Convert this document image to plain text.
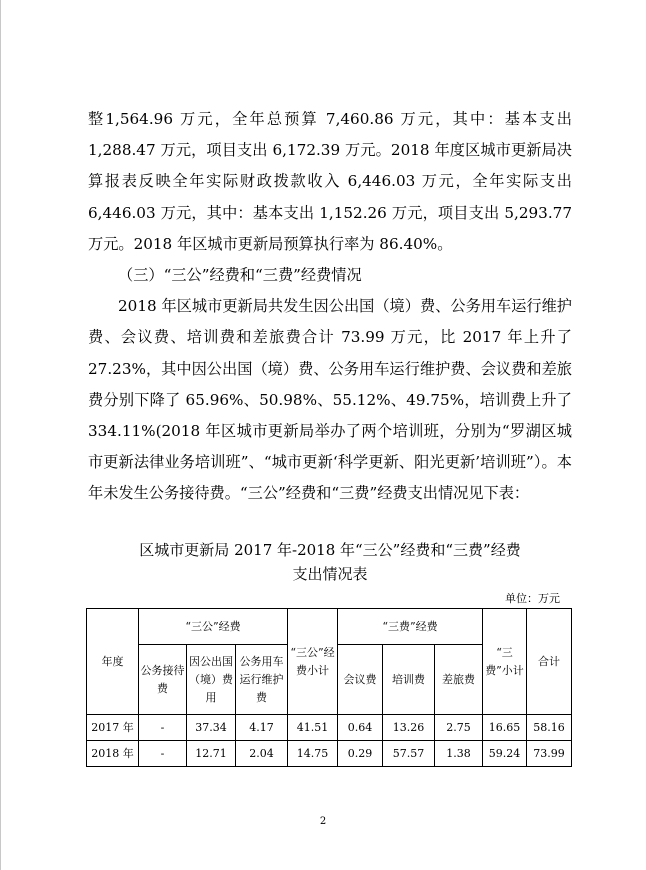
整1,564.96 万元，全年总预算 7,460.86 万元，其中：基本支出 1,288.47 万元，项目支出 6,172.39 万元。2018 年度区城市更新局决算报表反映全年实际财政拨款收入 6,446.03 万元，全年实际支出 6,446.03 万元，其中：基本支出 1,152.26 万元，项目支出 5,293.77 万元。2018 年区城市更新局预算执行率为 86.40%。

（三）“三公”经费和“三费”经费情况

2018 年区城市更新局共发生因公出国（境）费、公务用车运行维护费、会议费、培训费和差旅费合计 73.99 万元，比 2017 年上升了 27.23%，其中因公出国（境）费、公务用车运行维护费、会议费和差旅费分别下降了 65.96%、50.98%、55.12%、49.75%，培训费上升了 334.11%(2018 年区城市更新局举办了两个培训班，分别为“罗湖区城市更新法律业务培训班”、“城市更新‘科学更新、阳光更新’培训班”）。本年未发生公务接待费。“三公”经费和“三费”经费支出情况见下表：

区城市更新局 2017 年-2018 年“三公”经费和“三费”经费
支出情况表
单位：万元
年度	“三公”经费			“三公”经费小计	“三费”经费			“三费”小计	合计
	公务接待费	因公出国（境）费用	公务用车运行维护费		会议费	培训费	差旅费		
2017 年	-	37.34	4.17	41.51	0.64	13.26	2.75	16.65	58.16
2018 年	-	12.71	2.04	14.75	0.29	57.57	1.38	59.24	73.99
2
